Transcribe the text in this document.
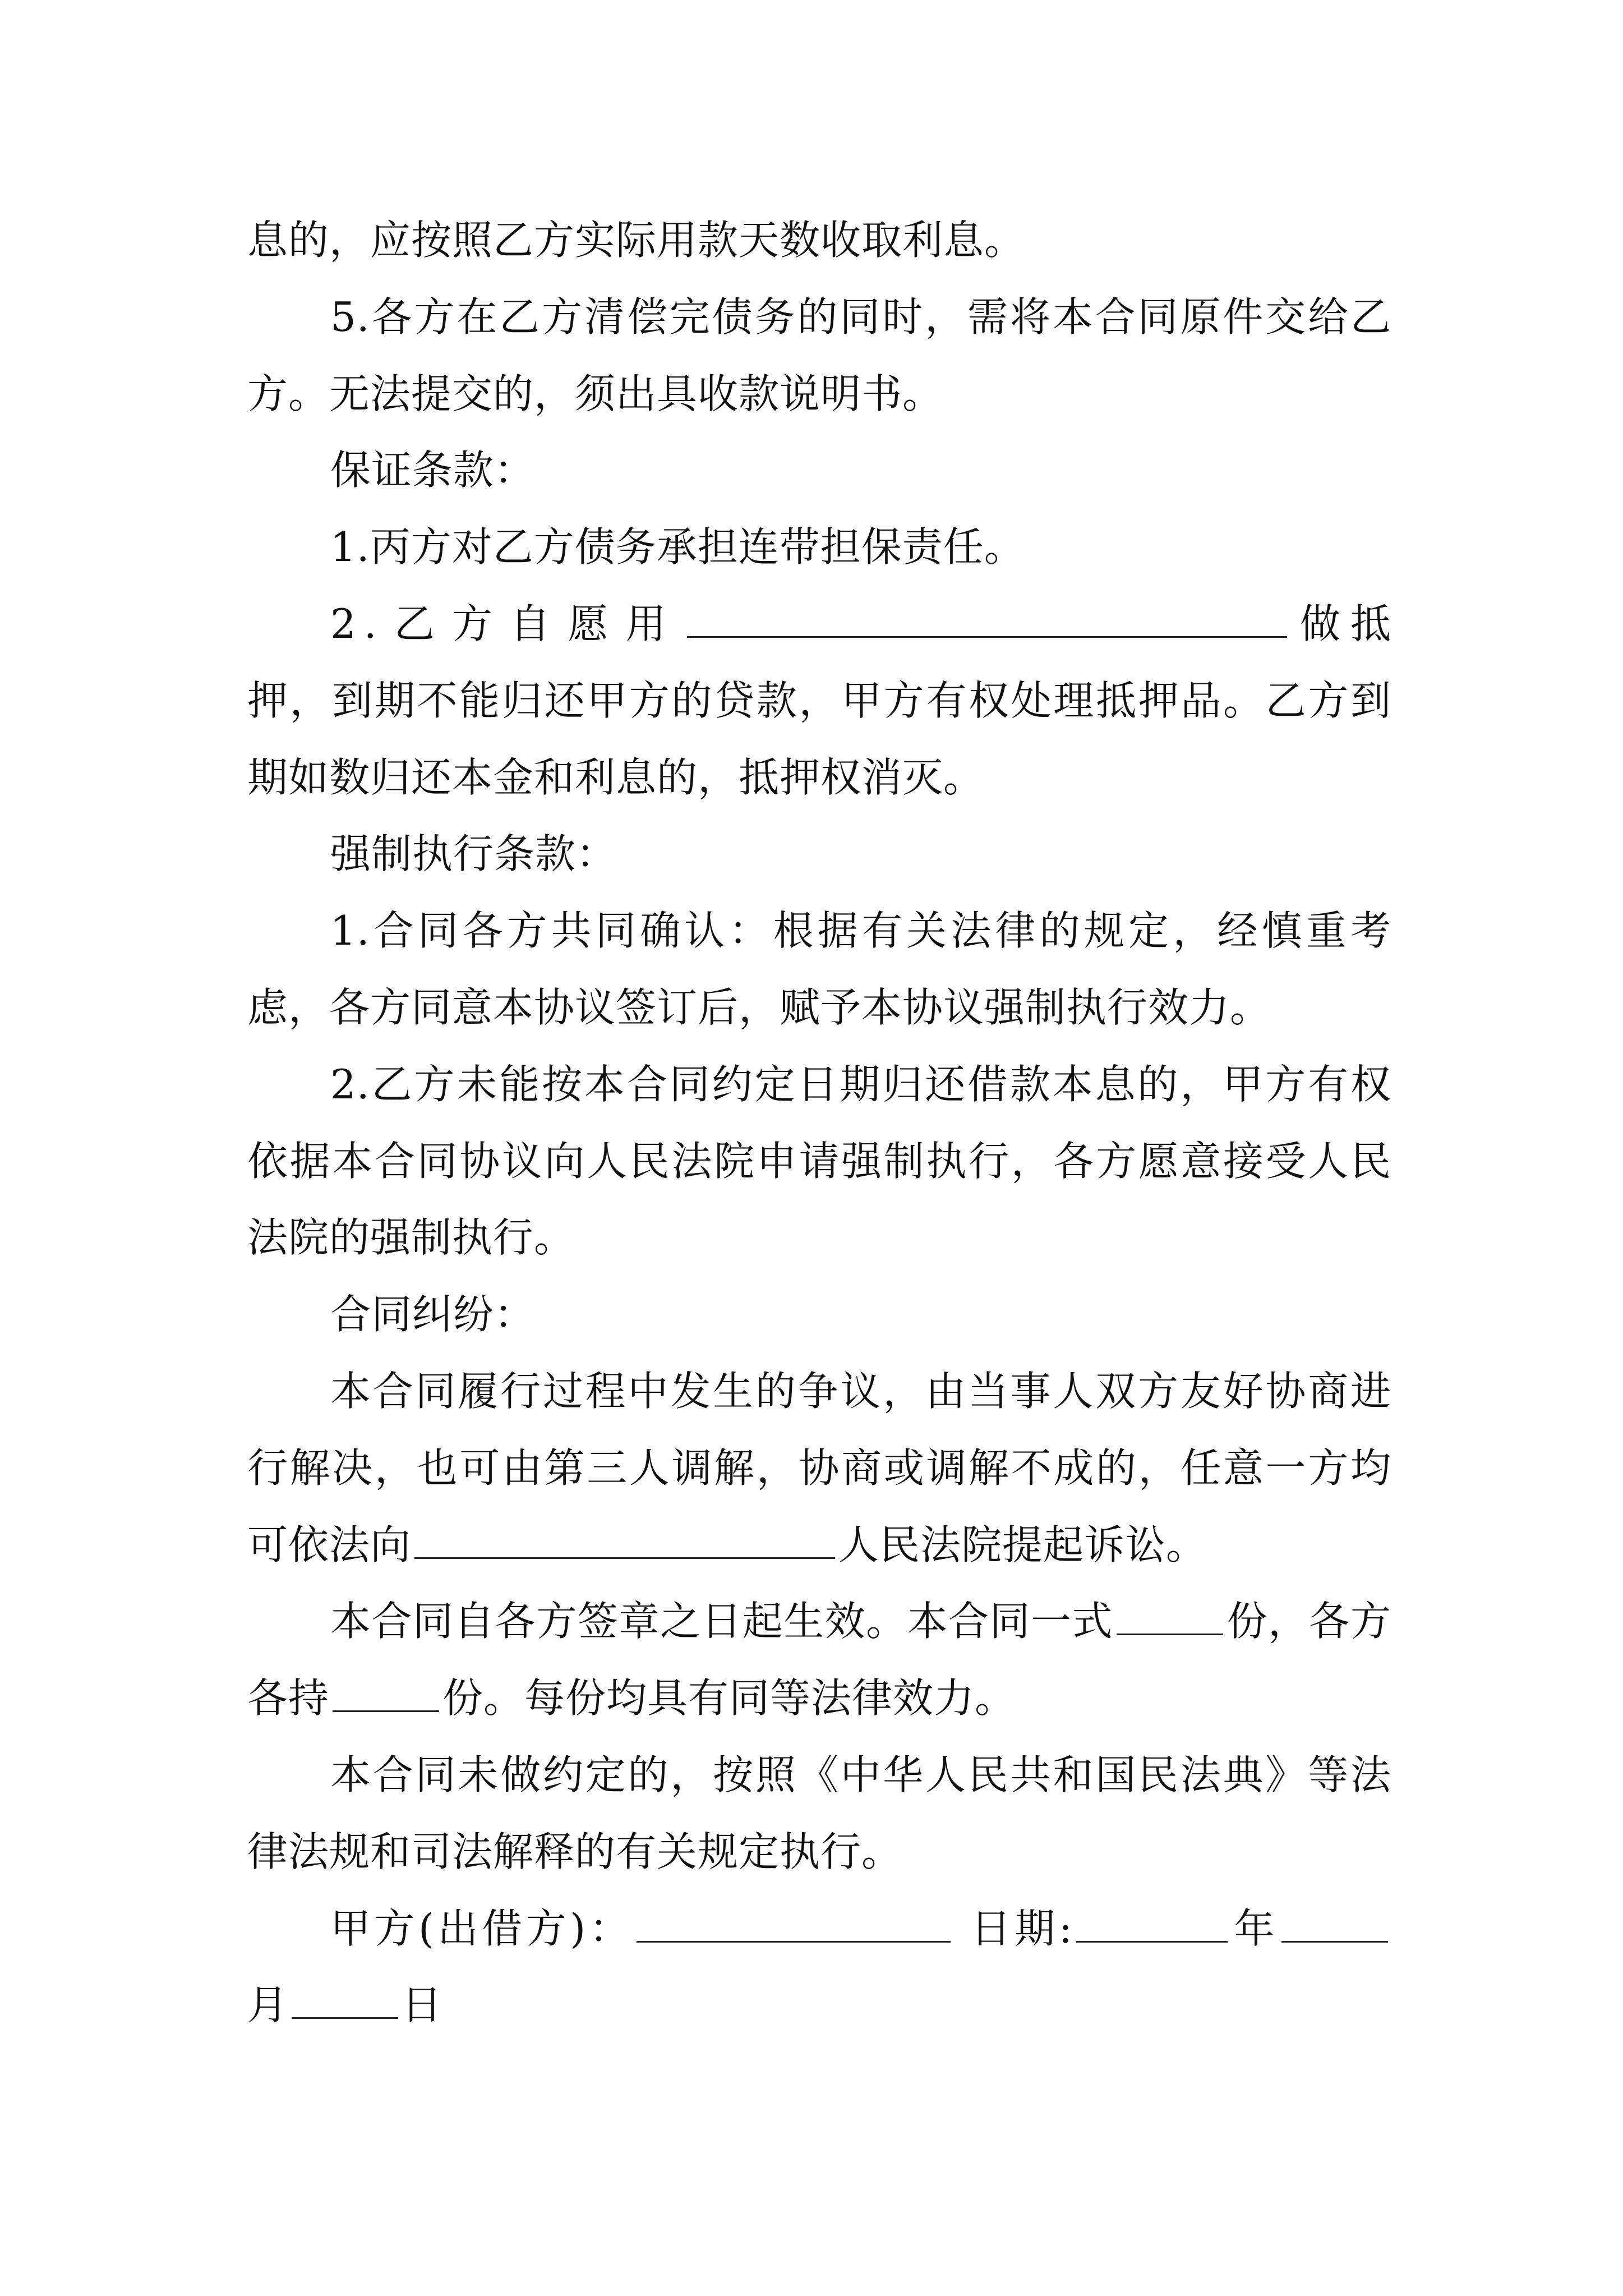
息的，应按照乙方实际用款天数收取利息。

5.各方在乙方清偿完债务的同时，需将本合同原件交给乙方。无法提交的，须出具收款说明书。

保证条款：

1.丙方对乙方债务承担连带担保责任。

2.乙方自愿用	做抵押，到期不能归还甲方的贷款，甲方有权处理抵押品。乙方到期如数归还本金和利息的，抵押权消灭。

强制执行条款：

1.合同各方共同确认：根据有关法律的规定，经慎重考虑，各方同意本协议签订后，赋予本协议强制执行效力。

2.乙方未能按本合同约定日期归还借款本息的，甲方有权依据本合同协议向人民法院申请强制执行，各方愿意接受人民法院的强制执行。

合同纠纷：

本合同履行过程中发生的争议，由当事人双方友好协商进行解决，也可由第三人调解，协商或调解不成的，任意一方均可依法向	人民法院提起诉讼。

本合同自各方签章之日起生效。本合同一式	份，各方各持	份。每份均具有同等法律效力。

本合同未做约定的，按照《中华人民共和国民法典》等法律法规和司法解释的有关规定执行。

甲方(出借方)：	日期:	年月	日
